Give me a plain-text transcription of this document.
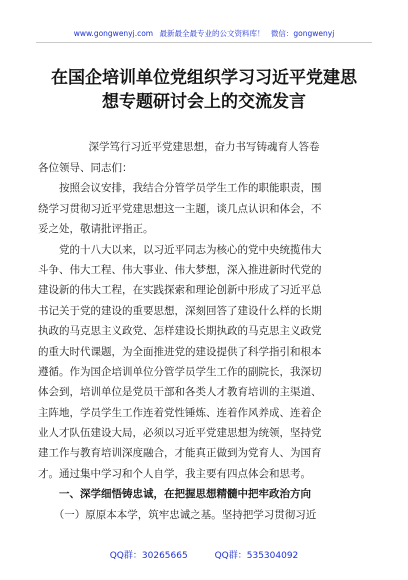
www.gongwenyj.com 最新最全最专业的公文资料库！ 微信：gongwenyj
在国企培训单位党组织学习习近平党建思
想专题研讨会上的交流发言
深学笃行习近平党建思想，奋力书写铸魂育人答卷
各位领导、同志们：
　　按照会议安排，我结合分管学员学生工作的职能职责，围
绕学习贯彻习近平党建思想这一主题，谈几点认识和体会，不
妥之处，敬请批评指正。
　　党的十八大以来，以习近平同志为核心的党中央统揽伟大
斗争、伟大工程、伟大事业、伟大梦想，深入推进新时代党的
建设新的伟大工程，在实践探索和理论创新中形成了习近平总
书记关于党的建设的重要思想，深刻回答了建设什么样的长期
执政的马克思主义政党、怎样建设长期执政的马克思主义政党
的重大时代课题，为全面推进党的建设提供了科学指引和根本
遵循。作为国企培训单位分管学员学生工作的副院长，我深切
体会到，培训单位是党员干部和各类人才教育培训的主渠道、
主阵地，学员学生工作连着党性锤炼、连着作风养成、连着企
业人才队伍建设大局，必须以习近平党建思想为统领，坚持党
建工作与教育培训深度融合，才能真正做到为党育人、为国育
才。通过集中学习和个人自学，我主要有四点体会和思考。
　　一、深学细悟铸忠诚，在把握思想精髓中把牢政治方向
　　（一）原原本本学，筑牢忠诚之基。坚持把学习贯彻习近
QQ群：30265665	QQ群：535304092
